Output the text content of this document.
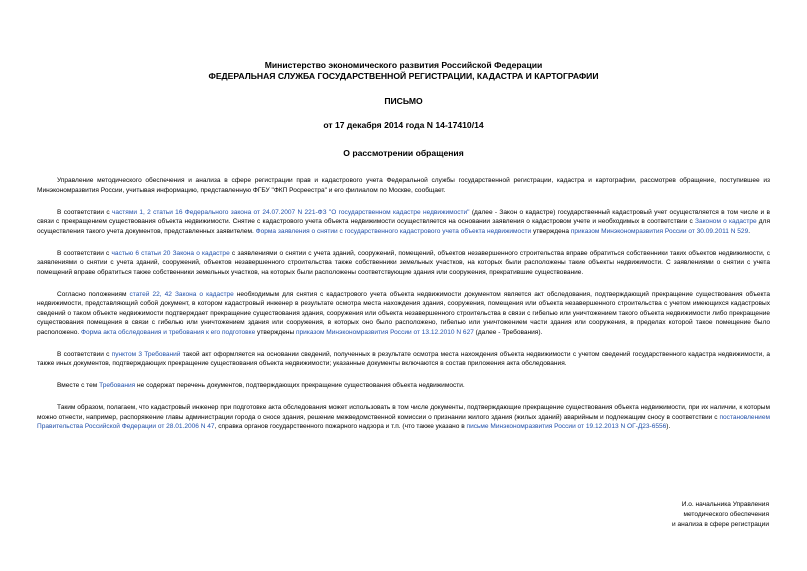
Министерство экономического развития Российской Федерации
ФЕДЕРАЛЬНАЯ СЛУЖБА ГОСУДАРСТВЕННОЙ РЕГИСТРАЦИИ, КАДАСТРА И КАРТОГРАФИИ
ПИСЬМО
от 17 декабря 2014 года N 14-17410/14
О рассмотрении обращения

Управление методического обеспечения и анализа в сфере регистрации прав и кадастрового учета Федеральной службы государственной регистрации, кадастра и картографии, рассмотрев обращение, поступившее из Минэкономразвития России, учитывая информацию, представленную ФГБУ "ФКП Росреестра" и его филиалом по Москве, сообщает.

В соответствии с частями 1, 2 статьи 16 Федерального закона от 24.07.2007 N 221-ФЗ "О государственном кадастре недвижимости" (далее - Закон о кадастре) государственный кадастровый учет осуществляется в том числе и в связи с прекращением существования объекта недвижимости. Снятие с кадастрового учета объекта недвижимости осуществляется на основании заявления о кадастровом учете и необходимых в соответствии с Законом о кадастре для осуществления такого учета документов, представленных заявителем. Форма заявления о снятии с государственного кадастрового учета объекта недвижимости утверждена приказом Минэкономразвития России от 30.09.2011 N 529.

В соответствии с частью 6 статьи 20 Закона о кадастре с заявлениями о снятии с учета зданий, сооружений, помещений, объектов незавершенного строительства вправе обратиться собственники таких объектов недвижимости, с заявлениями о снятии с учета зданий, сооружений, объектов незавершенного строительства также собственники земельных участков, на которых были расположены такие объекты недвижимости. С заявлениями о снятии с учета помещений вправе обратиться также собственники земельных участков, на которых были расположены соответствующие здания или сооружения, прекратившие существование.

Согласно положениям статей 22, 42 Закона о кадастре необходимым для снятия с кадастрового учета объекта недвижимости документом является акт обследования, подтверждающий прекращение существования объекта недвижимости, представляющий собой документ, в котором кадастровый инженер в результате осмотра места нахождения здания, сооружения, помещения или объекта незавершенного строительства с учетом имеющихся кадастровых сведений о таком объекте недвижимости подтверждает прекращение существования здания, сооружения или объекта незавершенного строительства в связи с гибелью или уничтожением такого объекта недвижимости либо прекращение существования помещения в связи с гибелью или уничтожением здания или сооружения, в которых оно было расположено, гибелью или уничтожением части здания или сооружения, в пределах которой такое помещение было расположено. Форма акта обследования и требования к его подготовке утверждены приказом Минэкономразвития России от 13.12.2010 N 627 (далее - Требования).

В соответствии с пунктом 3 Требований такой акт оформляется на основании сведений, полученных в результате осмотра места нахождения объекта недвижимости с учетом сведений государственного кадастра недвижимости, а также иных документов, подтверждающих прекращение существования объекта недвижимости; указанные документы включаются в состав приложения акта обследования.

Вместе с тем Требования не содержат перечень документов, подтверждающих прекращение существования объекта недвижимости.

Таким образом, полагаем, что кадастровый инженер при подготовке акта обследования может использовать в том числе документы, подтверждающие прекращение существования объекта недвижимости, при их наличии, к которым можно отнести, например, распоряжение главы администрации города о сносе здания, решение межведомственной комиссии о признании жилого здания (жилых зданий) аварийным и подлежащим сносу в соответствии с постановлением Правительства Российской Федерации от 28.01.2006 N 47, справка органов государственного пожарного надзора и т.п. (что также указано в письме Минэкономразвития России от 19.12.2013 N ОГ-Д23-6556).

И.о. начальника Управления
методического обеспечения
и анализа в сфере регистрации
